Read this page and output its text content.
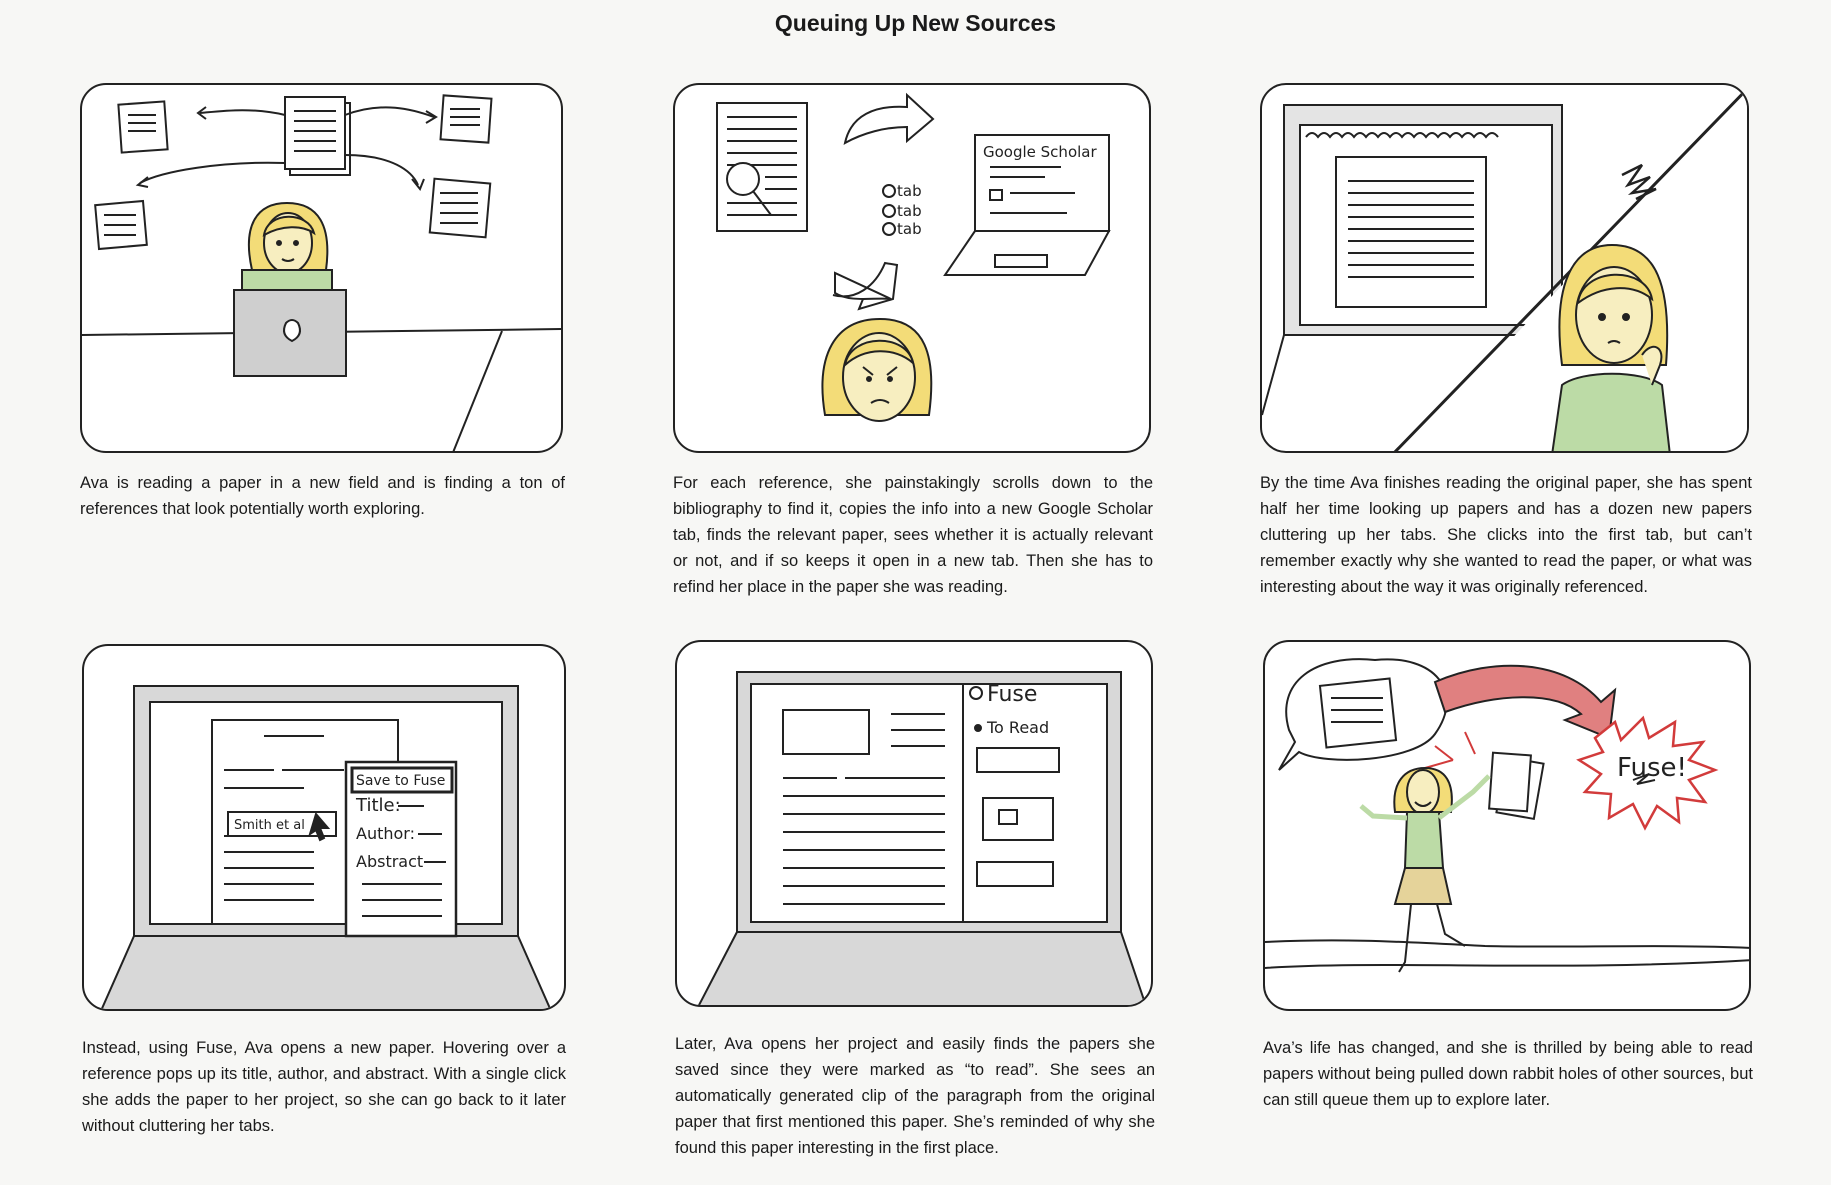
Queuing Up New Sources
Ava is reading a paper in a new field and is finding a ton of references that look potentially worth exploring.
Google Scholar
tab
tab
tab
For each reference, she painstakingly scrolls down to the bibliography to find it, copies the info into a new Google Scholar tab, finds the relevant paper, sees whether it is actually relevant or not, and if so keeps it open in a new tab. Then she has to refind her place in the paper she was reading.
By the time Ava finishes reading the original paper, she has spent half her time looking up papers and has a dozen new papers cluttering up her tabs. She clicks into the first tab, but can’t remember exactly why she wanted to read the paper, or what was interesting about the way it was originally referenced.
Save to Fuse
Smith et al
Title:
Author:
Abstract
Instead, using Fuse, Ava opens a new paper. Hovering over a reference pops up its title, author, and abstract. With a single click she adds the paper to her project, so she can go back to it later without cluttering her tabs.
Fuse
To Read
Later, Ava opens her project and easily finds the papers she saved since they were marked as “to read”. She sees an automatically generated clip of the paragraph from the original paper that first mentioned this paper. She’s reminded of why she found this paper interesting in the first place.
Fuse!
Ava’s life has changed, and she is thrilled by being able to read papers without being pulled down rabbit holes of other sources, but can still queue them up to explore later.
